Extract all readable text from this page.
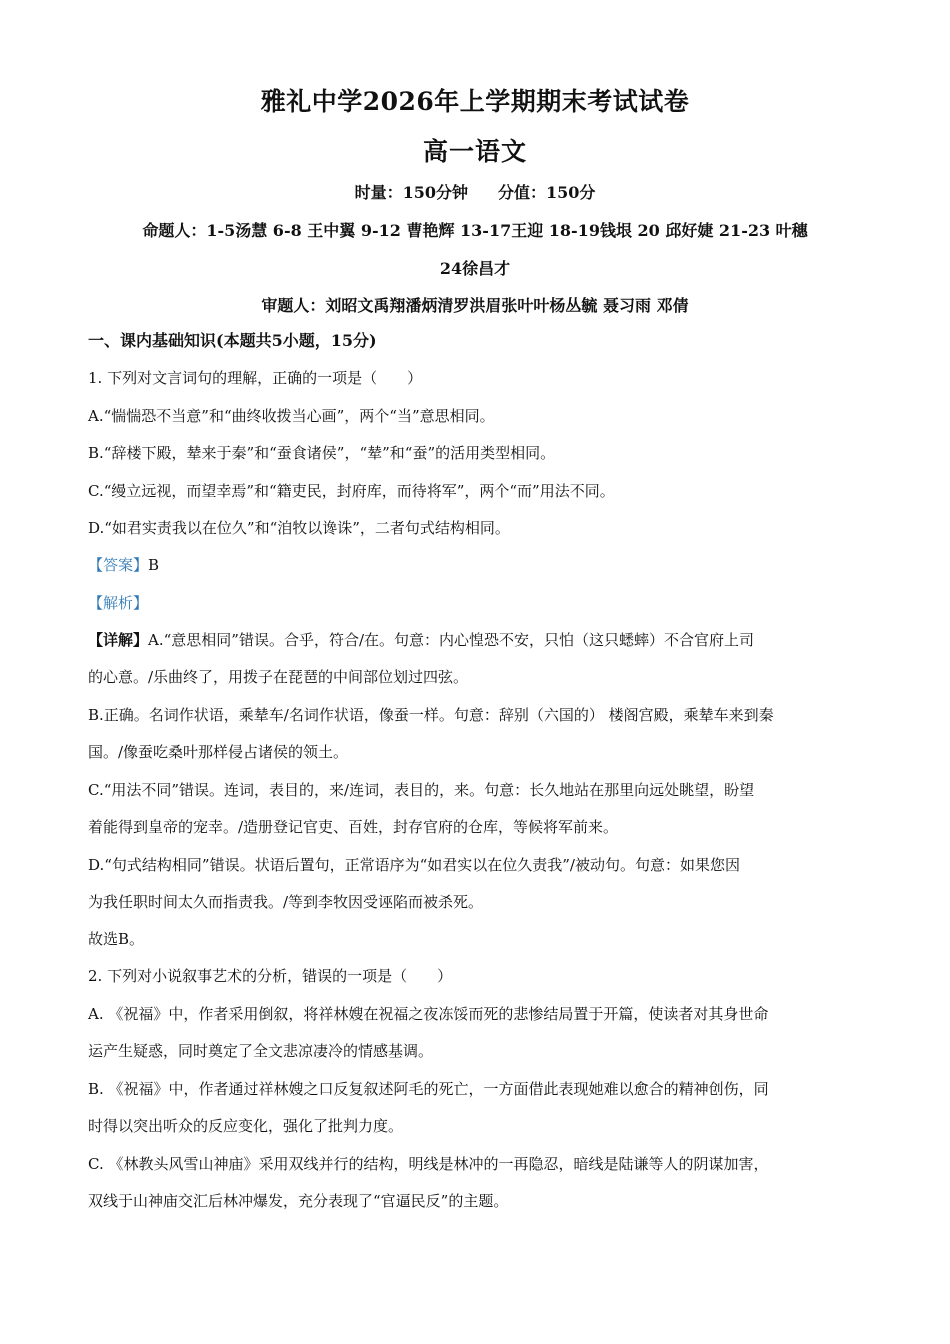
雅礼中学2026年上学期期末考试试卷
高一语文
时量：150分钟 分值：150分
命题人：1-5汤慧 6-8 王中翼 9-12 曹艳辉 13-17王迎 18-19钱垠 20 邱好婕 21-23 叶穗
24徐昌才
审题人：刘昭文禹翔潘炳清罗洪眉张叶叶杨丛毓 聂习雨 邓倩
一、课内基础知识(本题共5小题，15分)
1. 下列对文言词句的理解，正确的一项是（　　）
A.“惴惴恐不当意”和“曲终收拨当心画”，两个“当”意思相同。
B.“辞楼下殿，辇来于秦”和“蚕食诸侯”，“辇”和“蚕”的活用类型相同。
C.“缦立远视，而望幸焉”和“籍吏民，封府库，而待将军”，两个“而”用法不同。
D.“如君实责我以在位久”和“洎牧以谗诛”，二者句式结构相同。
【答案】B
【解析】
【详解】A.“意思相同”错误。合乎，符合/在。句意：内心惶恐不安，只怕（这只蟋蟀）不合官府上司
的心意。/乐曲终了，用拨子在琵琶的中间部位划过四弦。
B.正确。名词作状语，乘辇车/名词作状语，像蚕一样。句意：辞别（六国的） 楼阁宫殿，乘辇车来到秦
国。/像蚕吃桑叶那样侵占诸侯的领土。
C.“用法不同”错误。连词，表目的，来/连词，表目的，来。句意：长久地站在那里向远处眺望，盼望
着能得到皇帝的宠幸。/造册登记官吏、百姓，封存官府的仓库，等候将军前来。
D.“句式结构相同”错误。状语后置句，正常语序为“如君实以在位久责我”/被动句。句意：如果您因
为我任职时间太久而指责我。/等到李牧因受诬陷而被杀死。
故选B。
2. 下列对小说叙事艺术的分析，错误的一项是（　　）
A. 《祝福》中，作者采用倒叙，将祥林嫂在祝福之夜冻馁而死的悲惨结局置于开篇，使读者对其身世命
运产生疑惑，同时奠定了全文悲凉凄冷的情感基调。
B. 《祝福》中，作者通过祥林嫂之口反复叙述阿毛的死亡，一方面借此表现她难以愈合的精神创伤，同
时得以突出听众的反应变化，强化了批判力度。
C. 《林教头风雪山神庙》采用双线并行的结构，明线是林冲的一再隐忍，暗线是陆谦等人的阴谋加害，
双线于山神庙交汇后林冲爆发，充分表现了“官逼民反”的主题。
